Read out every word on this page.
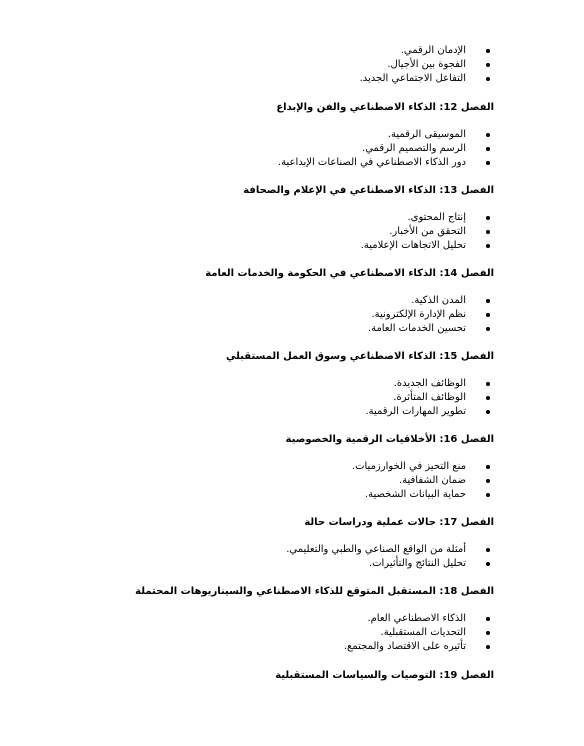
الإدمان الرقمي.
الفجوة بين الأجيال.
التفاعل الاجتماعي الجديد.
الفصل 12: الذكاء الاصطناعي والفن والإبداع
الموسيقى الرقمية.
الرسم والتصميم الرقمي.
دور الذكاء الاصطناعي في الصناعات الإبداعية.
الفصل 13: الذكاء الاصطناعي في الإعلام والصحافة
إنتاج المحتوى.
التحقق من الأخبار.
تحليل الاتجاهات الإعلامية.
الفصل 14: الذكاء الاصطناعي في الحكومة والخدمات العامة
المدن الذكية.
نظم الإدارة الإلكترونية.
تحسين الخدمات العامة.
الفصل 15: الذكاء الاصطناعي وسوق العمل المستقبلي
الوظائف الجديدة.
الوظائف المتأثرة.
تطوير المهارات الرقمية.
الفصل 16: الأخلاقيات الرقمية والخصوصية
منع التحيز في الخوارزميات.
ضمان الشفافية.
حماية البيانات الشخصية.
الفصل 17: حالات عملية ودراسات حالة
أمثلة من الواقع الصناعي والطبي والتعليمي.
تحليل النتائج والتأثيرات.
الفصل 18: المستقبل المتوقع للذكاء الاصطناعي والسيناريوهات المحتملة
الذكاء الاصطناعي العام.
التحديات المستقبلية.
تأثيره على الاقتصاد والمجتمع.
الفصل 19: التوصيات والسياسات المستقبلية
